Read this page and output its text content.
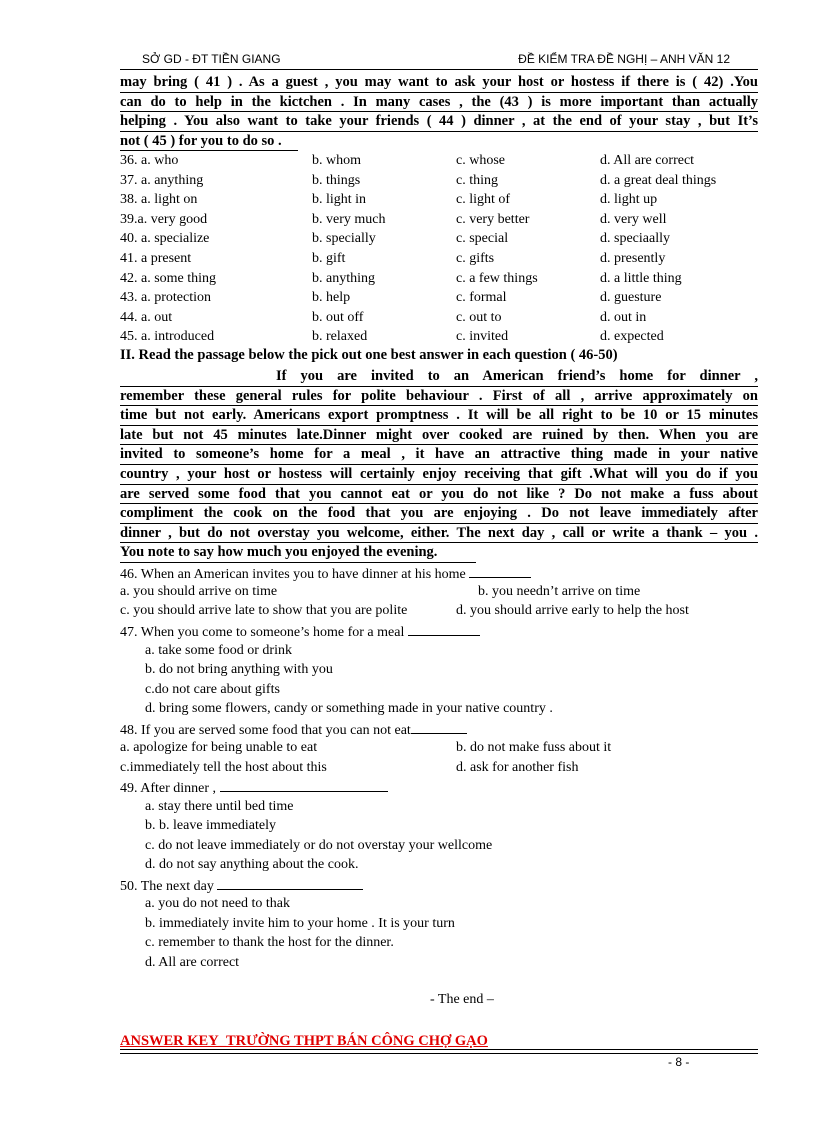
SỞ GD - ĐT TIỀN GIANG	ĐỀ KIỂM TRA ĐỀ NGHỊ – ANH VĂN 12
may bring ( 41 ) . As a guest , you may want to ask your host or hostess if there is ( 42) .You
can do to help in the kictchen . In many cases , the (43 ) is more important than actually
helping . You also want to take your friends ( 44 ) dinner , at the end of your stay , but It’s
not ( 45 ) for you to do so .
36. a. who	b. whom	c. whose	d. All are correct
37. a. anything	b. things	c. thing	d. a great deal things
38. a. light on	b. light in	c. light of	d. light up
39.a. very good	b. very much	c. very better	d. very well
40. a. specialize	b. specially	c. special	d. speciaally
41. a present	b. gift	c. gifts	d. presently
42. a. some thing	b. anything	c. a few things	d. a little thing
43. a. protection	b. help	c. formal	d. guesture
44. a. out	b. out off	c. out to	d. out in
45. a. introduced	b. relaxed	c. invited	d. expected
II. Read the passage below the pick out one best answer in each question ( 46-50)
If you are invited to an American friend’s home for dinner ,
remember these general rules for polite behaviour . First of all , arrive approximately on
time but not early. Americans export promptness . It will be all right to be 10 or 15 minutes
late but not 45 minutes late.Dinner might over cooked are ruined by then. When you are
invited to someone’s home for a meal , it have an attractive thing made in your native
country , your host or hostess will certainly enjoy receiving that gift .What will you do if you
are served some food that you cannot eat or you do not like ? Do not make a fuss about
compliment the cook on the food that you are enjoying . Do not leave immediately after
dinner , but do not overstay you welcome, either. The next day , call or write a thank – you .
You note to say how much you enjoyed the evening.
46. When an American invites you to have dinner at his home
a. you should arrive on time	b. you needn’t arrive on time
c. you should arrive late to show that you are polite	d. you should arrive early to help the host
47. When you come to someone’s home for a meal
a. take some food or drink
b. do not bring anything with you
c.do not care about gifts
d. bring some flowers, candy or something made in your native country .
48. If you are served some food that you can not eat
a. apologize for being unable to eat	b. do not make fuss about it
c.immediately tell the host about this	d. ask for another fish
49. After dinner ,
a. stay there until bed time
b. b. leave immediately
c. do not leave immediately or do not overstay your wellcome
d. do not say anything about the cook.
50. The next day
a. you do not need to thak
b. immediately invite him to your home . It is your turn
c. remember to thank the host for the dinner.
d. All are correct
- The end –
ANSWER KEY_TRƯỜNG THPT BÁN CÔNG CHỢ GẠO
- 8 -
